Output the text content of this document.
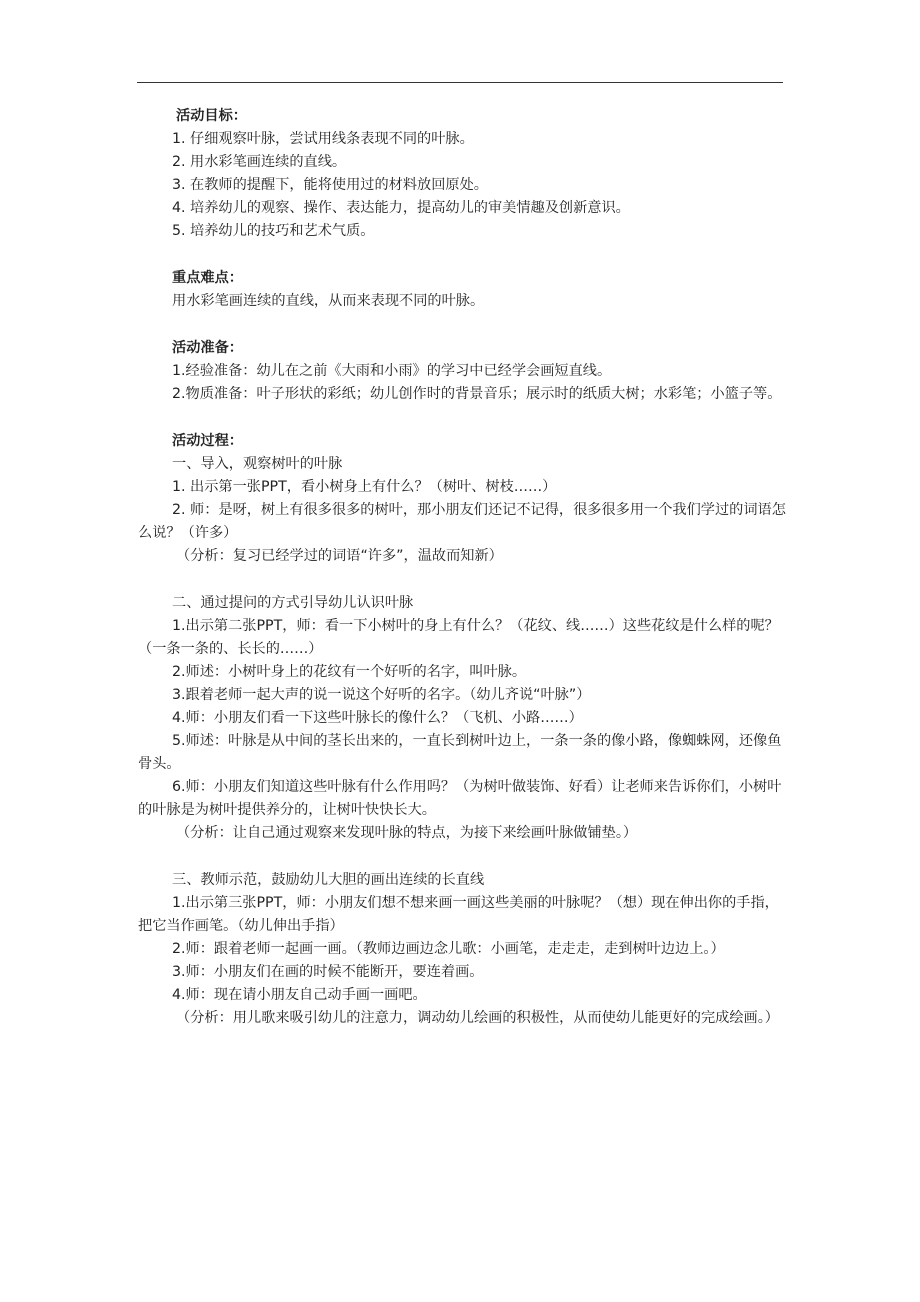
活动目标：

1. 仔细观察叶脉，尝试用线条表现不同的叶脉。

2. 用水彩笔画连续的直线。

3. 在教师的提醒下，能将使用过的材料放回原处。

4. 培养幼儿的观察、操作、表达能力，提高幼儿的审美情趣及创新意识。

5. 培养幼儿的技巧和艺术气质。

重点难点：

用水彩笔画连续的直线，从而来表现不同的叶脉。

活动准备：

1.经验准备：幼儿在之前《大雨和小雨》的学习中已经学会画短直线。

2.物质准备：叶子形状的彩纸；幼儿创作时的背景音乐；展示时的纸质大树；水彩笔；小篮子等。

活动过程：

一、导入，观察树叶的叶脉

1. 出示第一张PPT，看小树身上有什么？（树叶、树枝……）

2. 师：是呀，树上有很多很多的树叶，那小朋友们还记不记得，很多很多用一个我们学过的词语怎么说？（许多）

（分析：复习已经学过的词语“许多”，温故而知新）

二、通过提问的方式引导幼儿认识叶脉

1.出示第二张PPT，师：看一下小树叶的身上有什么？（花纹、线……）这些花纹是什么样的呢？（一条一条的、长长的……）

2.师述：小树叶身上的花纹有一个好听的名字，叫叶脉。

3.跟着老师一起大声的说一说这个好听的名字。（幼儿齐说“叶脉”）

4.师：小朋友们看一下这些叶脉长的像什么？（飞机、小路……）

5.师述：叶脉是从中间的茎长出来的，一直长到树叶边上，一条一条的像小路，像蜘蛛网，还像鱼骨头。

6.师：小朋友们知道这些叶脉有什么作用吗？（为树叶做装饰、好看）让老师来告诉你们，小树叶的叶脉是为树叶提供养分的，让树叶快快长大。

（分析：让自己通过观察来发现叶脉的特点，为接下来绘画叶脉做铺垫。）

三、教师示范，鼓励幼儿大胆的画出连续的长直线

1.出示第三张PPT，师：小朋友们想不想来画一画这些美丽的叶脉呢？（想）现在伸出你的手指，把它当作画笔。（幼儿伸出手指）

2.师：跟着老师一起画一画。（教师边画边念儿歌：小画笔，走走走，走到树叶边边上。）

3.师：小朋友们在画的时候不能断开，要连着画。

4.师：现在请小朋友自己动手画一画吧。

（分析：用儿歌来吸引幼儿的注意力，调动幼儿绘画的积极性，从而使幼儿能更好的完成绘画。）
